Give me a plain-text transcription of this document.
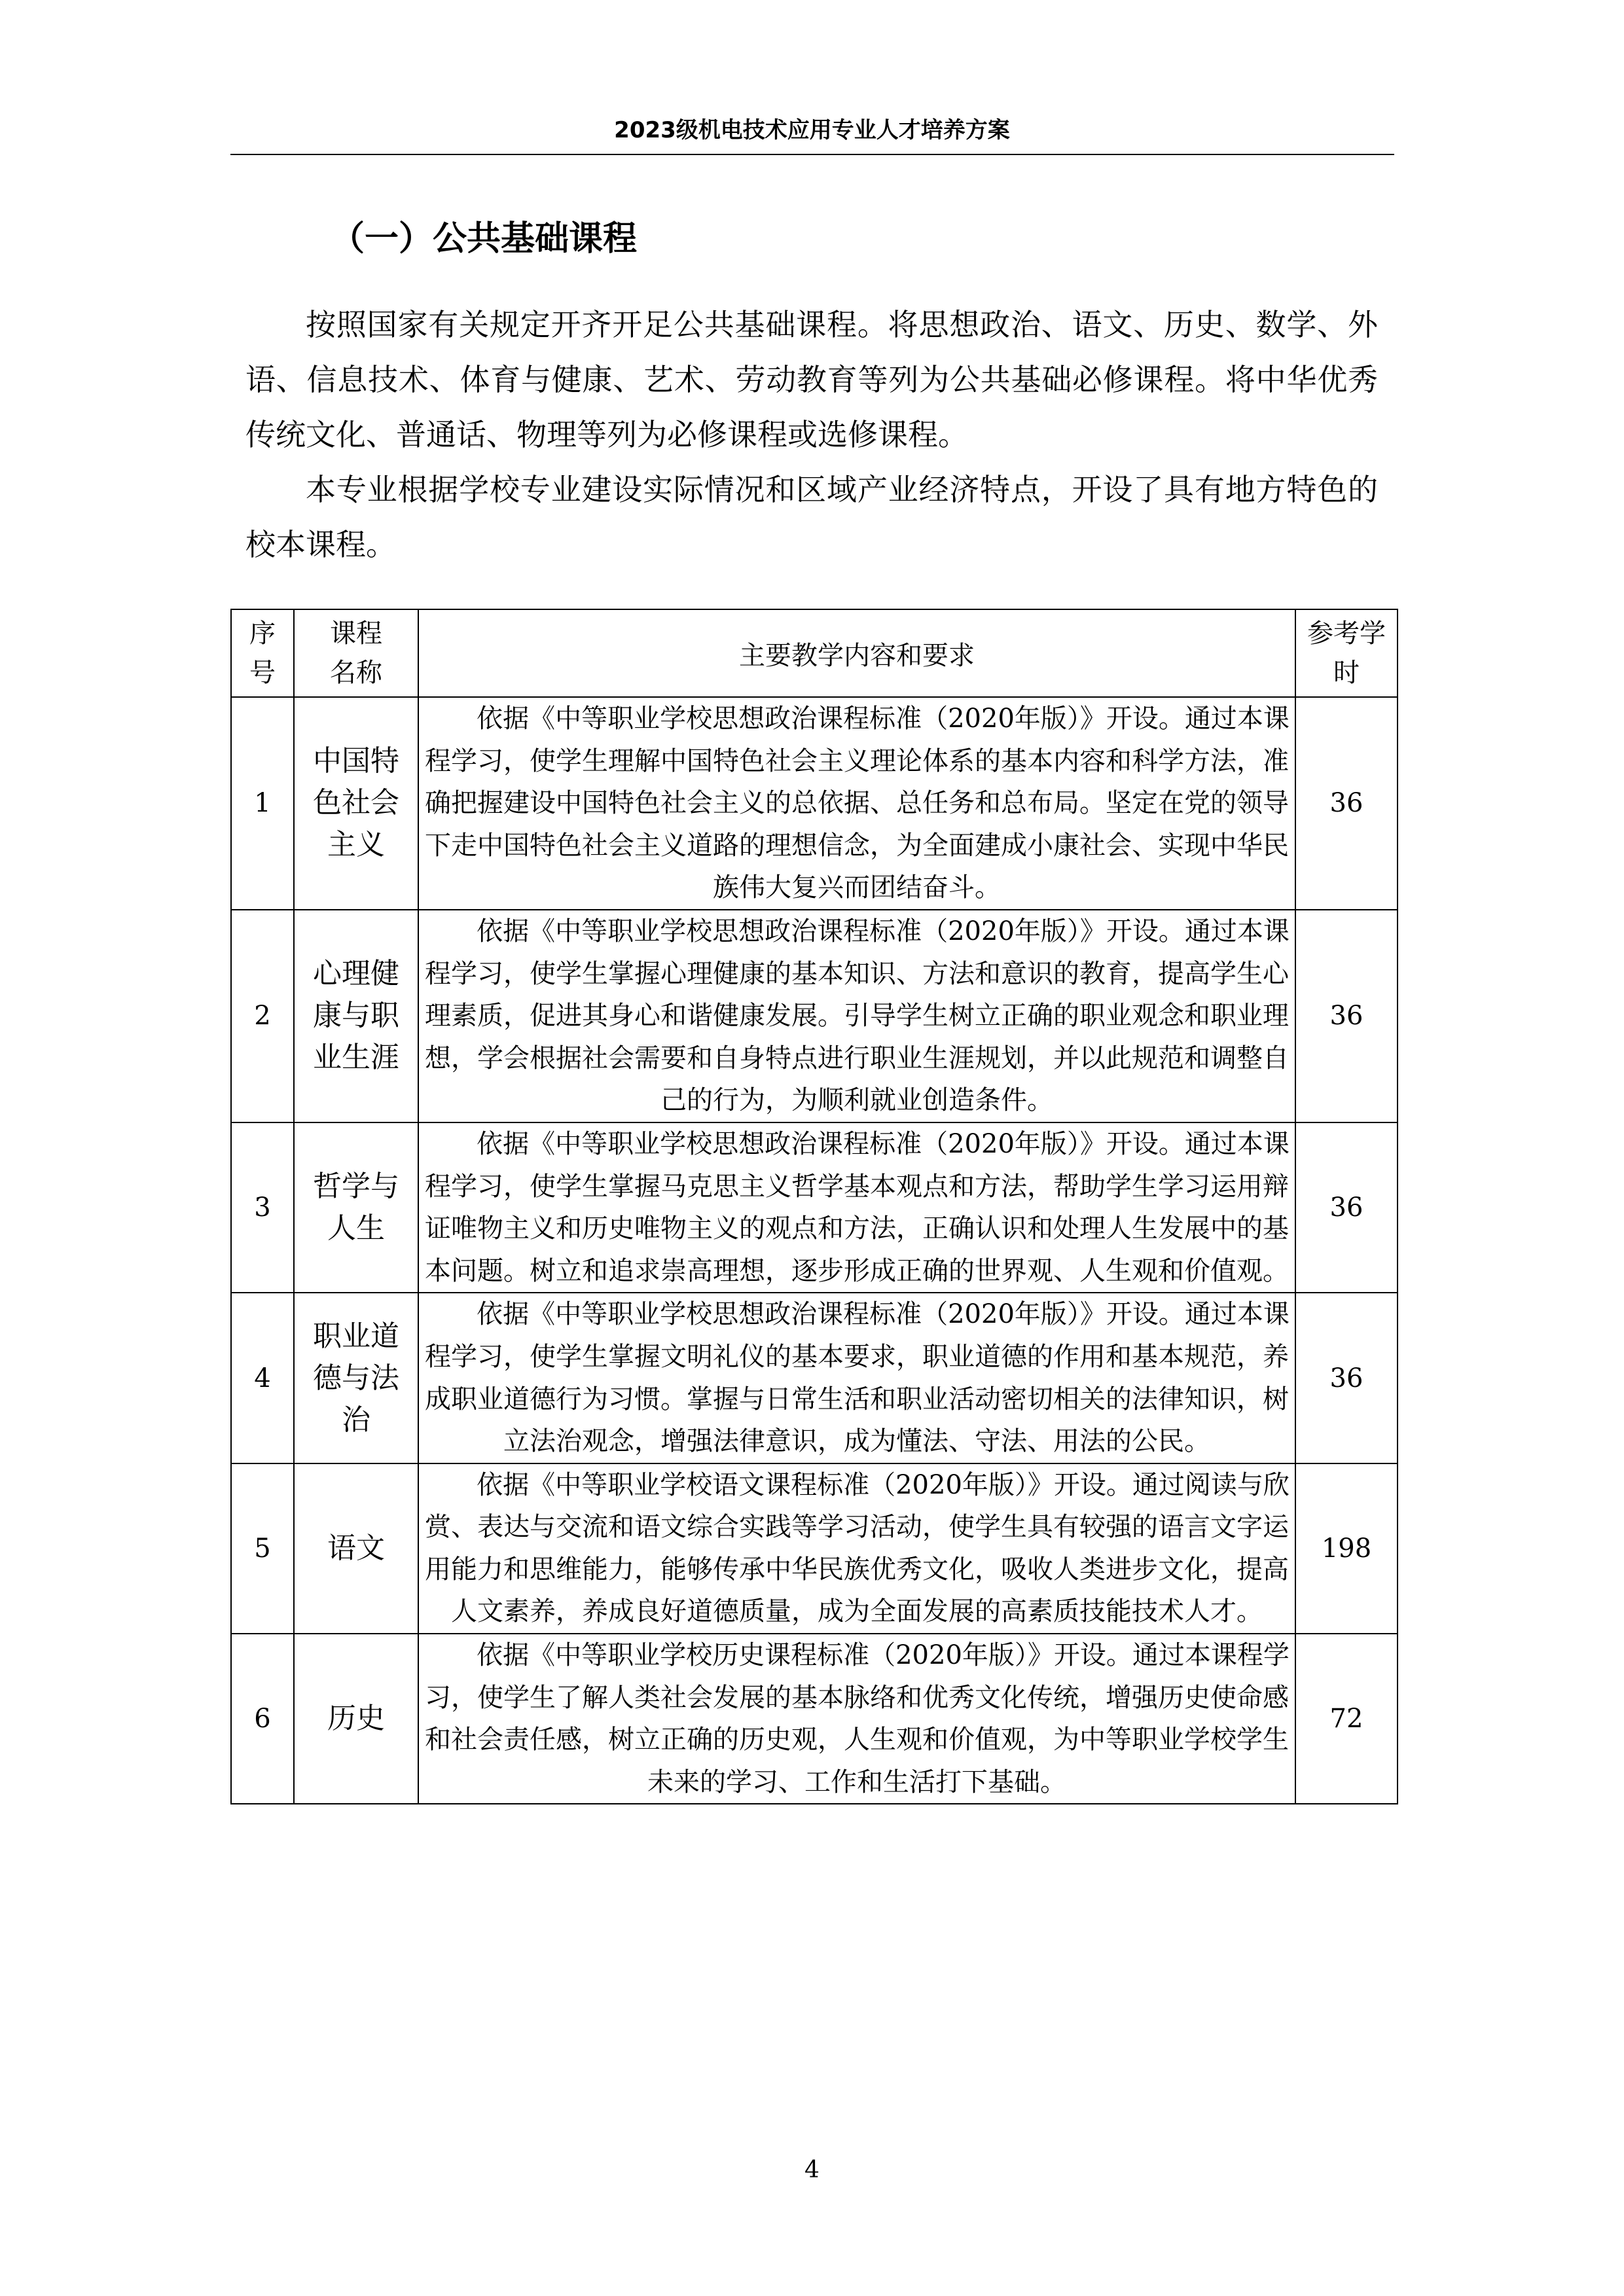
2023级机电技术应用专业人才培养方案
（一）公共基础课程

按照国家有关规定开齐开足公共基础课程。将思想政治、语文、历史、数学、外语、信息技术、体育与健康、艺术、劳动教育等列为公共基础必修课程。将中华优秀传统文化、普通话、物理等列为必修课程或选修课程。

本专业根据学校专业建设实际情况和区域产业经济特点，开设了具有地方特色的校本课程。

序号	课程名称	主要教学内容和要求	参考学时
1	中国特色社会主义	依据《中等职业学校思想政治课程标准（2020年版）》开设。通过本课程学习，使学生理解中国特色社会主义理论体系的基本内容和科学方法，准确把握建设中国特色社会主义的总依据、总任务和总布局。坚定在党的领导下走中国特色社会主义道路的理想信念，为全面建成小康社会、实现中华民族伟大复兴而团结奋斗。	36
2	心理健康与职业生涯	依据《中等职业学校思想政治课程标准（2020年版）》开设。通过本课程学习，使学生掌握心理健康的基本知识、方法和意识的教育，提高学生心理素质，促进其身心和谐健康发展。引导学生树立正确的职业观念和职业理想，学会根据社会需要和自身特点进行职业生涯规划，并以此规范和调整自己的行为，为顺利就业创造条件。	36
3	哲学与人生	依据《中等职业学校思想政治课程标准（2020年版）》开设。通过本课程学习，使学生掌握马克思主义哲学基本观点和方法，帮助学生学习运用辩证唯物主义和历史唯物主义的观点和方法，正确认识和处理人生发展中的基本问题。树立和追求崇高理想，逐步形成正确的世界观、人生观和价值观。	36
4	职业道德与法治	依据《中等职业学校思想政治课程标准（2020年版）》开设。通过本课程学习，使学生掌握文明礼仪的基本要求，职业道德的作用和基本规范，养成职业道德行为习惯。掌握与日常生活和职业活动密切相关的法律知识，树立法治观念，增强法律意识，成为懂法、守法、用法的公民。	36
5	语文	依据《中等职业学校语文课程标准（2020年版）》开设。通过阅读与欣赏、表达与交流和语文综合实践等学习活动，使学生具有较强的语言文字运用能力和思维能力，能够传承中华民族优秀文化，吸收人类进步文化，提高人文素养，养成良好道德质量，成为全面发展的高素质技能技术人才。	198
6	历史	依据《中等职业学校历史课程标准（2020年版）》开设。通过本课程学习，使学生了解人类社会发展的基本脉络和优秀文化传统，增强历史使命感和社会责任感，树立正确的历史观，人生观和价值观，为中等职业学校学生未来的学习、工作和生活打下基础。	72
4
